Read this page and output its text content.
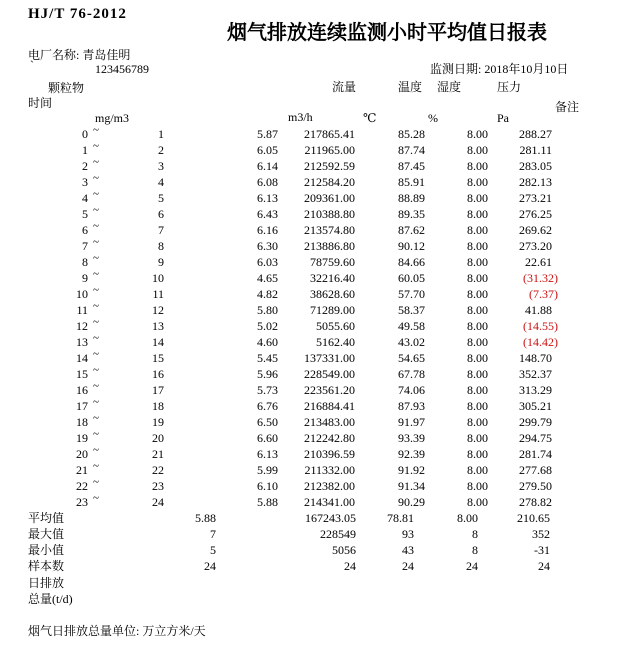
HJ/T 76-2012
烟气排放连续监测小时平均值日报表
电厂名称: 青岛佳明
`	123456789	监测日期: 2018年10月10日
颗粒物
时间
流量	温度 湿度	压力
备注
mg/m3	m3/h	℃	%	Pa
0 ~	1	5.87	217865.41	85.28	8.00	288.27
1 ~	2	6.05	211965.00	87.74	8.00	281.11
2 ~	3	6.14	212592.59	87.45	8.00	283.05
3 ~	4	6.08	212584.20	85.91	8.00	282.13
4 ~	5	6.13	209361.00	88.89	8.00	273.21
5 ~	6	6.43	210388.80	89.35	8.00	276.25
6 ~	7	6.16	213574.80	87.62	8.00	269.62
7 ~	8	6.30	213886.80	90.12	8.00	273.20
8 ~	9	6.03	78759.60	84.66	8.00	22.61
9 ~	10	4.65	32216.40	60.05	8.00	(31.32)
10 ~	11	4.82	38628.60	57.70	8.00	(7.37)
11 ~	12	5.80	71289.00	58.37	8.00	41.88
12 ~	13	5.02	5055.60	49.58	8.00	(14.55)
13 ~	14	4.60	5162.40	43.02	8.00	(14.42)
14 ~	15	5.45	137331.00	54.65	8.00	148.70
15 ~	16	5.96	228549.00	67.78	8.00	352.37
16 ~	17	5.73	223561.20	74.06	8.00	313.29
17 ~	18	6.76	216884.41	87.93	8.00	305.21
18 ~	19	6.50	213483.00	91.97	8.00	299.79
19 ~	20	6.60	212242.80	93.39	8.00	294.75
20 ~	21	6.13	210396.59	92.39	8.00	281.74
21 ~	22	5.99	211332.00	91.92	8.00	277.68
22 ~	23	6.10	212382.00	91.34	8.00	279.50
23 ~	24	5.88	214341.00	90.29	8.00	278.82
平均值	5.88	167243.05	78.81	8.00	210.65
最大值	7	228549	93	8	352
最小值	5	5056	43	8	-31
样本数	24	24	24	24	24
日排放
总量(t/d)
烟气日排放总量单位: 万立方米/天
